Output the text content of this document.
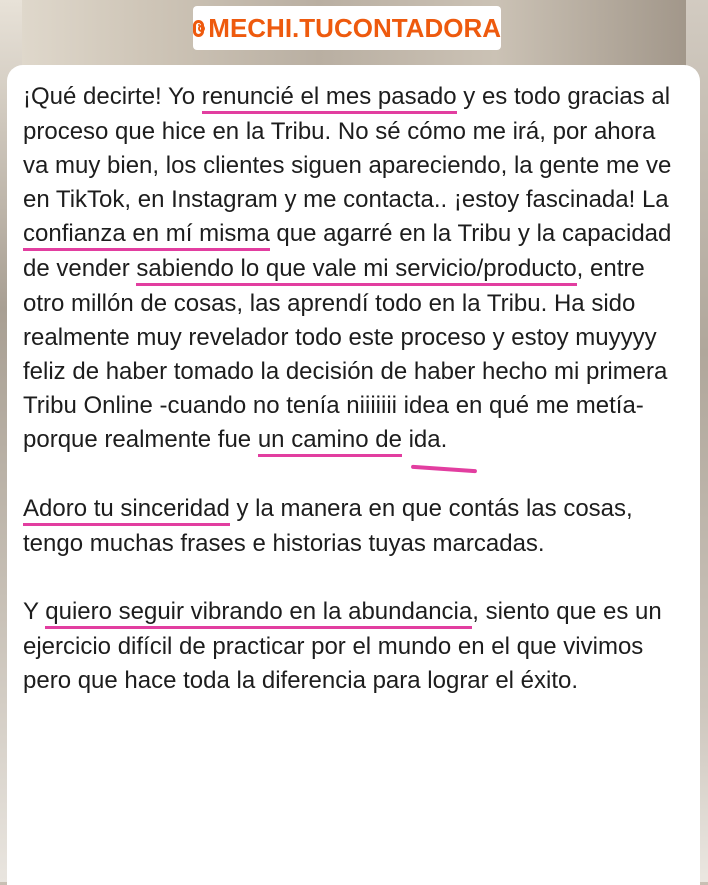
MECHI.TUCONTADORA

¡Qué decirte! Yo renuncié el mes pasado y es todo gracias al proceso que hice en la Tribu. No sé cómo me irá, por ahora va muy bien, los clientes siguen apareciendo, la gente me ve en TikTok, en Instagram y me contacta.. ¡estoy fascinada! La confianza en mí misma que agarré en la Tribu y la capacidad de vender sabiendo lo que vale mi servicio/producto, entre otro millón de cosas, las aprendí todo en la Tribu. Ha sido realmente muy revelador todo este proceso y estoy muyyyy feliz de haber tomado la decisión de haber hecho mi primera Tribu Online -cuando no tenía niiiiiii idea en qué me metía- porque realmente fue un camino de ida.

Adoro tu sinceridad y la manera en que contás las cosas, tengo muchas frases e historias tuyas marcadas.

Y quiero seguir vibrando en la abundancia, siento que es un ejercicio difícil de practicar por el mundo en el que vivimos pero que hace toda la diferencia para lograr el éxito.
